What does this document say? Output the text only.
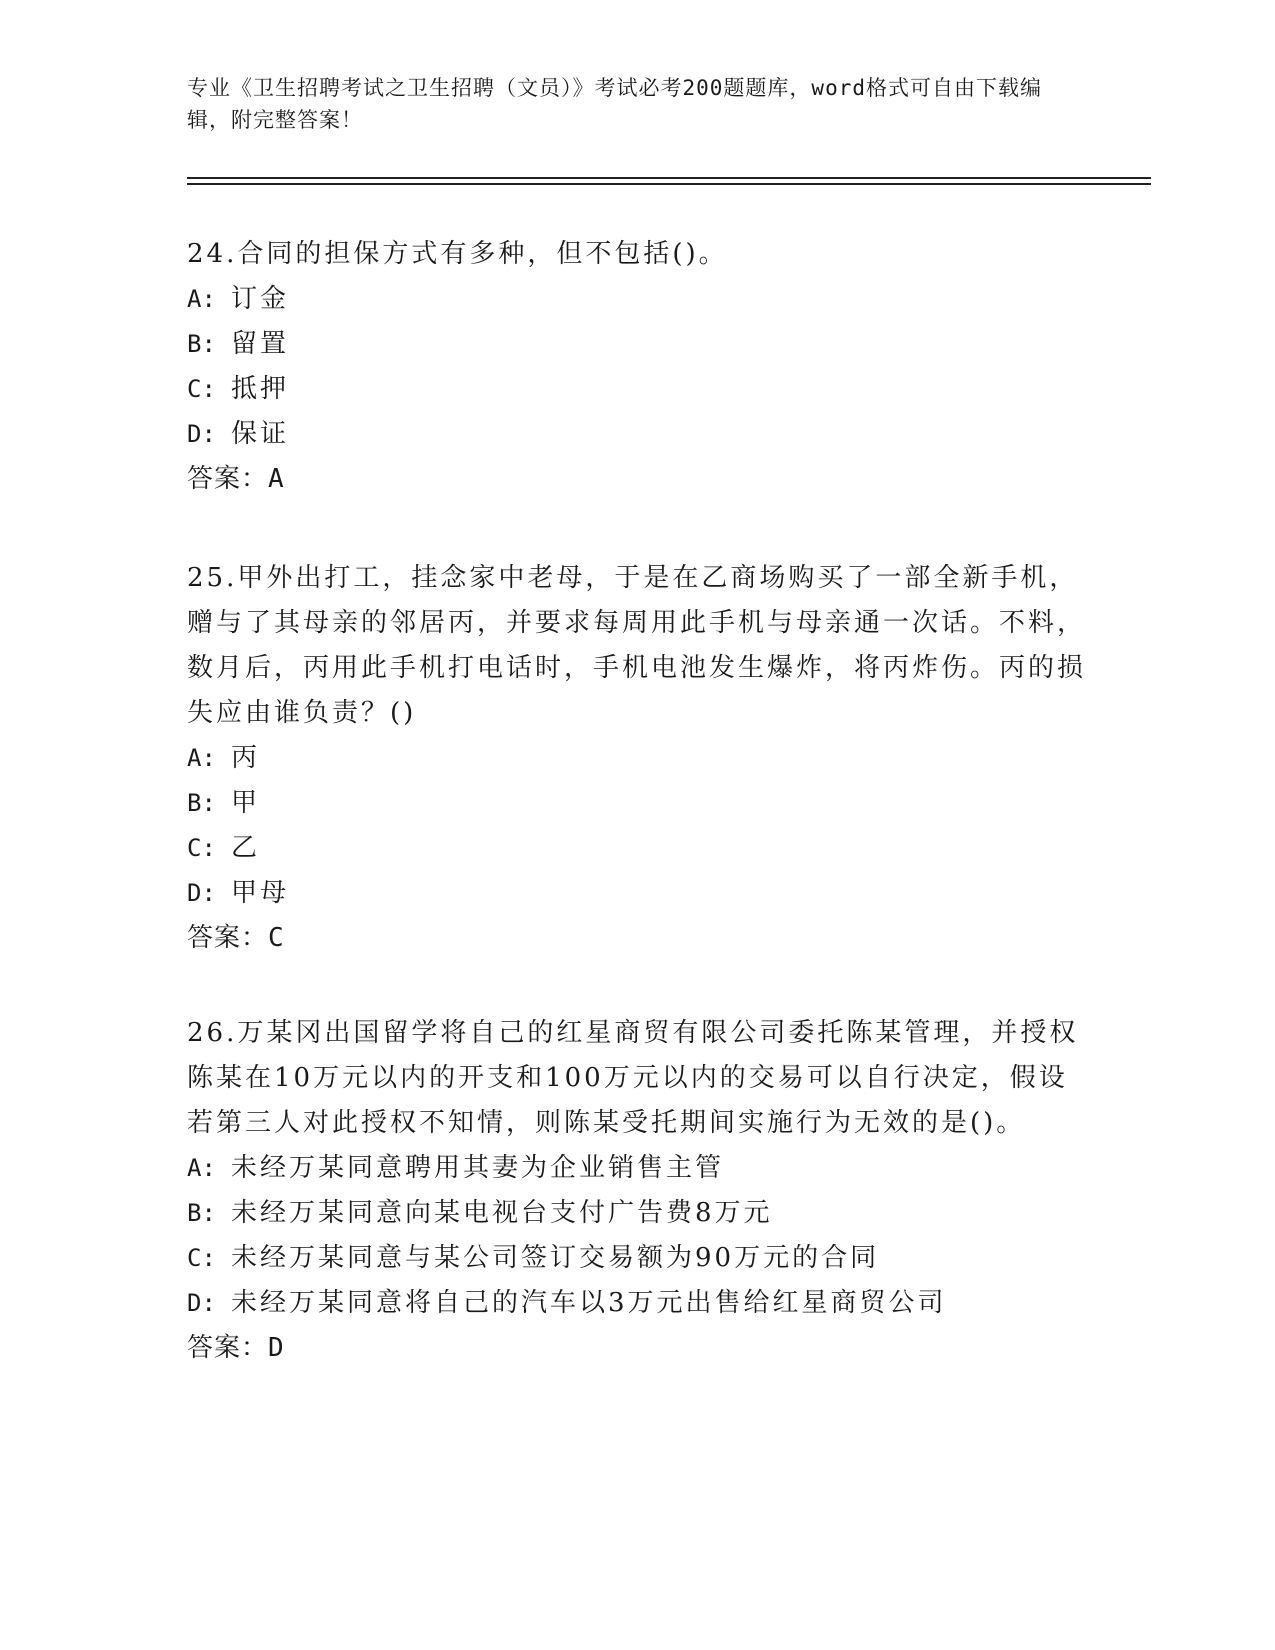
专业《卫生招聘考试之卫生招聘（文员）》考试必考200题题库，word格式可自由下载编辑，附完整答案！

24.合同的担保方式有多种，但不包括()。

A: 订金

B: 留置

C: 抵押

D: 保证

答案：A

25.甲外出打工，挂念家中老母，于是在乙商场购买了一部全新手机，赠与了其母亲的邻居丙，并要求每周用此手机与母亲通一次话。不料，数月后，丙用此手机打电话时，手机电池发生爆炸，将丙炸伤。丙的损失应由谁负责？()

A: 丙

B: 甲

C: 乙

D: 甲母

答案：C

26.万某冈出国留学将自己的红星商贸有限公司委托陈某管理，并授权陈某在10万元以内的开支和100万元以内的交易可以自行决定，假设若第三人对此授权不知情，则陈某受托期间实施行为无效的是()。

A: 未经万某同意聘用其妻为企业销售主管

B: 未经万某同意向某电视台支付广告费8万元

C: 未经万某同意与某公司签订交易额为90万元的合同

D: 未经万某同意将自己的汽车以3万元出售给红星商贸公司

答案：D
